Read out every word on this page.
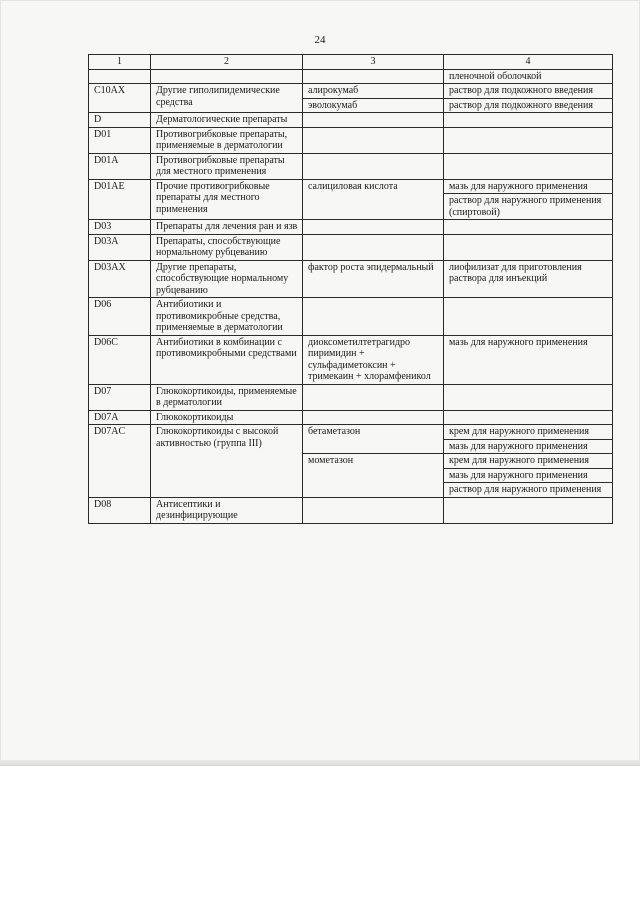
24
1	2	3	4
			пленочной оболочкой
C10AX	Другие гиполипидемические средства	алирокумаб	раствор для подкожного введения
		эволокумаб	раствор для подкожного введения
D	Дерматологические препараты		
D01	Противогрибковые препараты, применяемые в дерматологии		
D01A	Противогрибковые препараты для местного применения		
D01AE	Прочие противогрибковые препараты для местного применения	салициловая кислота	мазь для наружного применения
			раствор для наружного применения (спиртовой)
D03	Препараты для лечения ран и язв		
D03A	Препараты, способствующие нормальному рубцеванию		
D03AX	Другие препараты, способствующие нормальному рубцеванию	фактор роста эпидермальный	лиофилизат для приготовления раствора для инъекций
D06	Антибиотики и противомикробные средства, применяемые в дерматологии		
D06C	Антибиотики в комбинации с противомикробными средствами	диоксометилтетрагидро пиримидин + сульфадиметоксин + тримекаин + хлорамфеникол	мазь для наружного применения
D07	Глюкокортикоиды, применяемые в дерматологии		
D07A	Глюкокортикоиды		
D07AC	Глюкокортикоиды с высокой активностью (группа III)	бетаметазон	крем для наружного применения
			мазь для наружного применения
		мометазон	крем для наружного применения
			мазь для наружного применения
			раствор для наружного применения
D08	Антисептики и дезинфицирующие		
